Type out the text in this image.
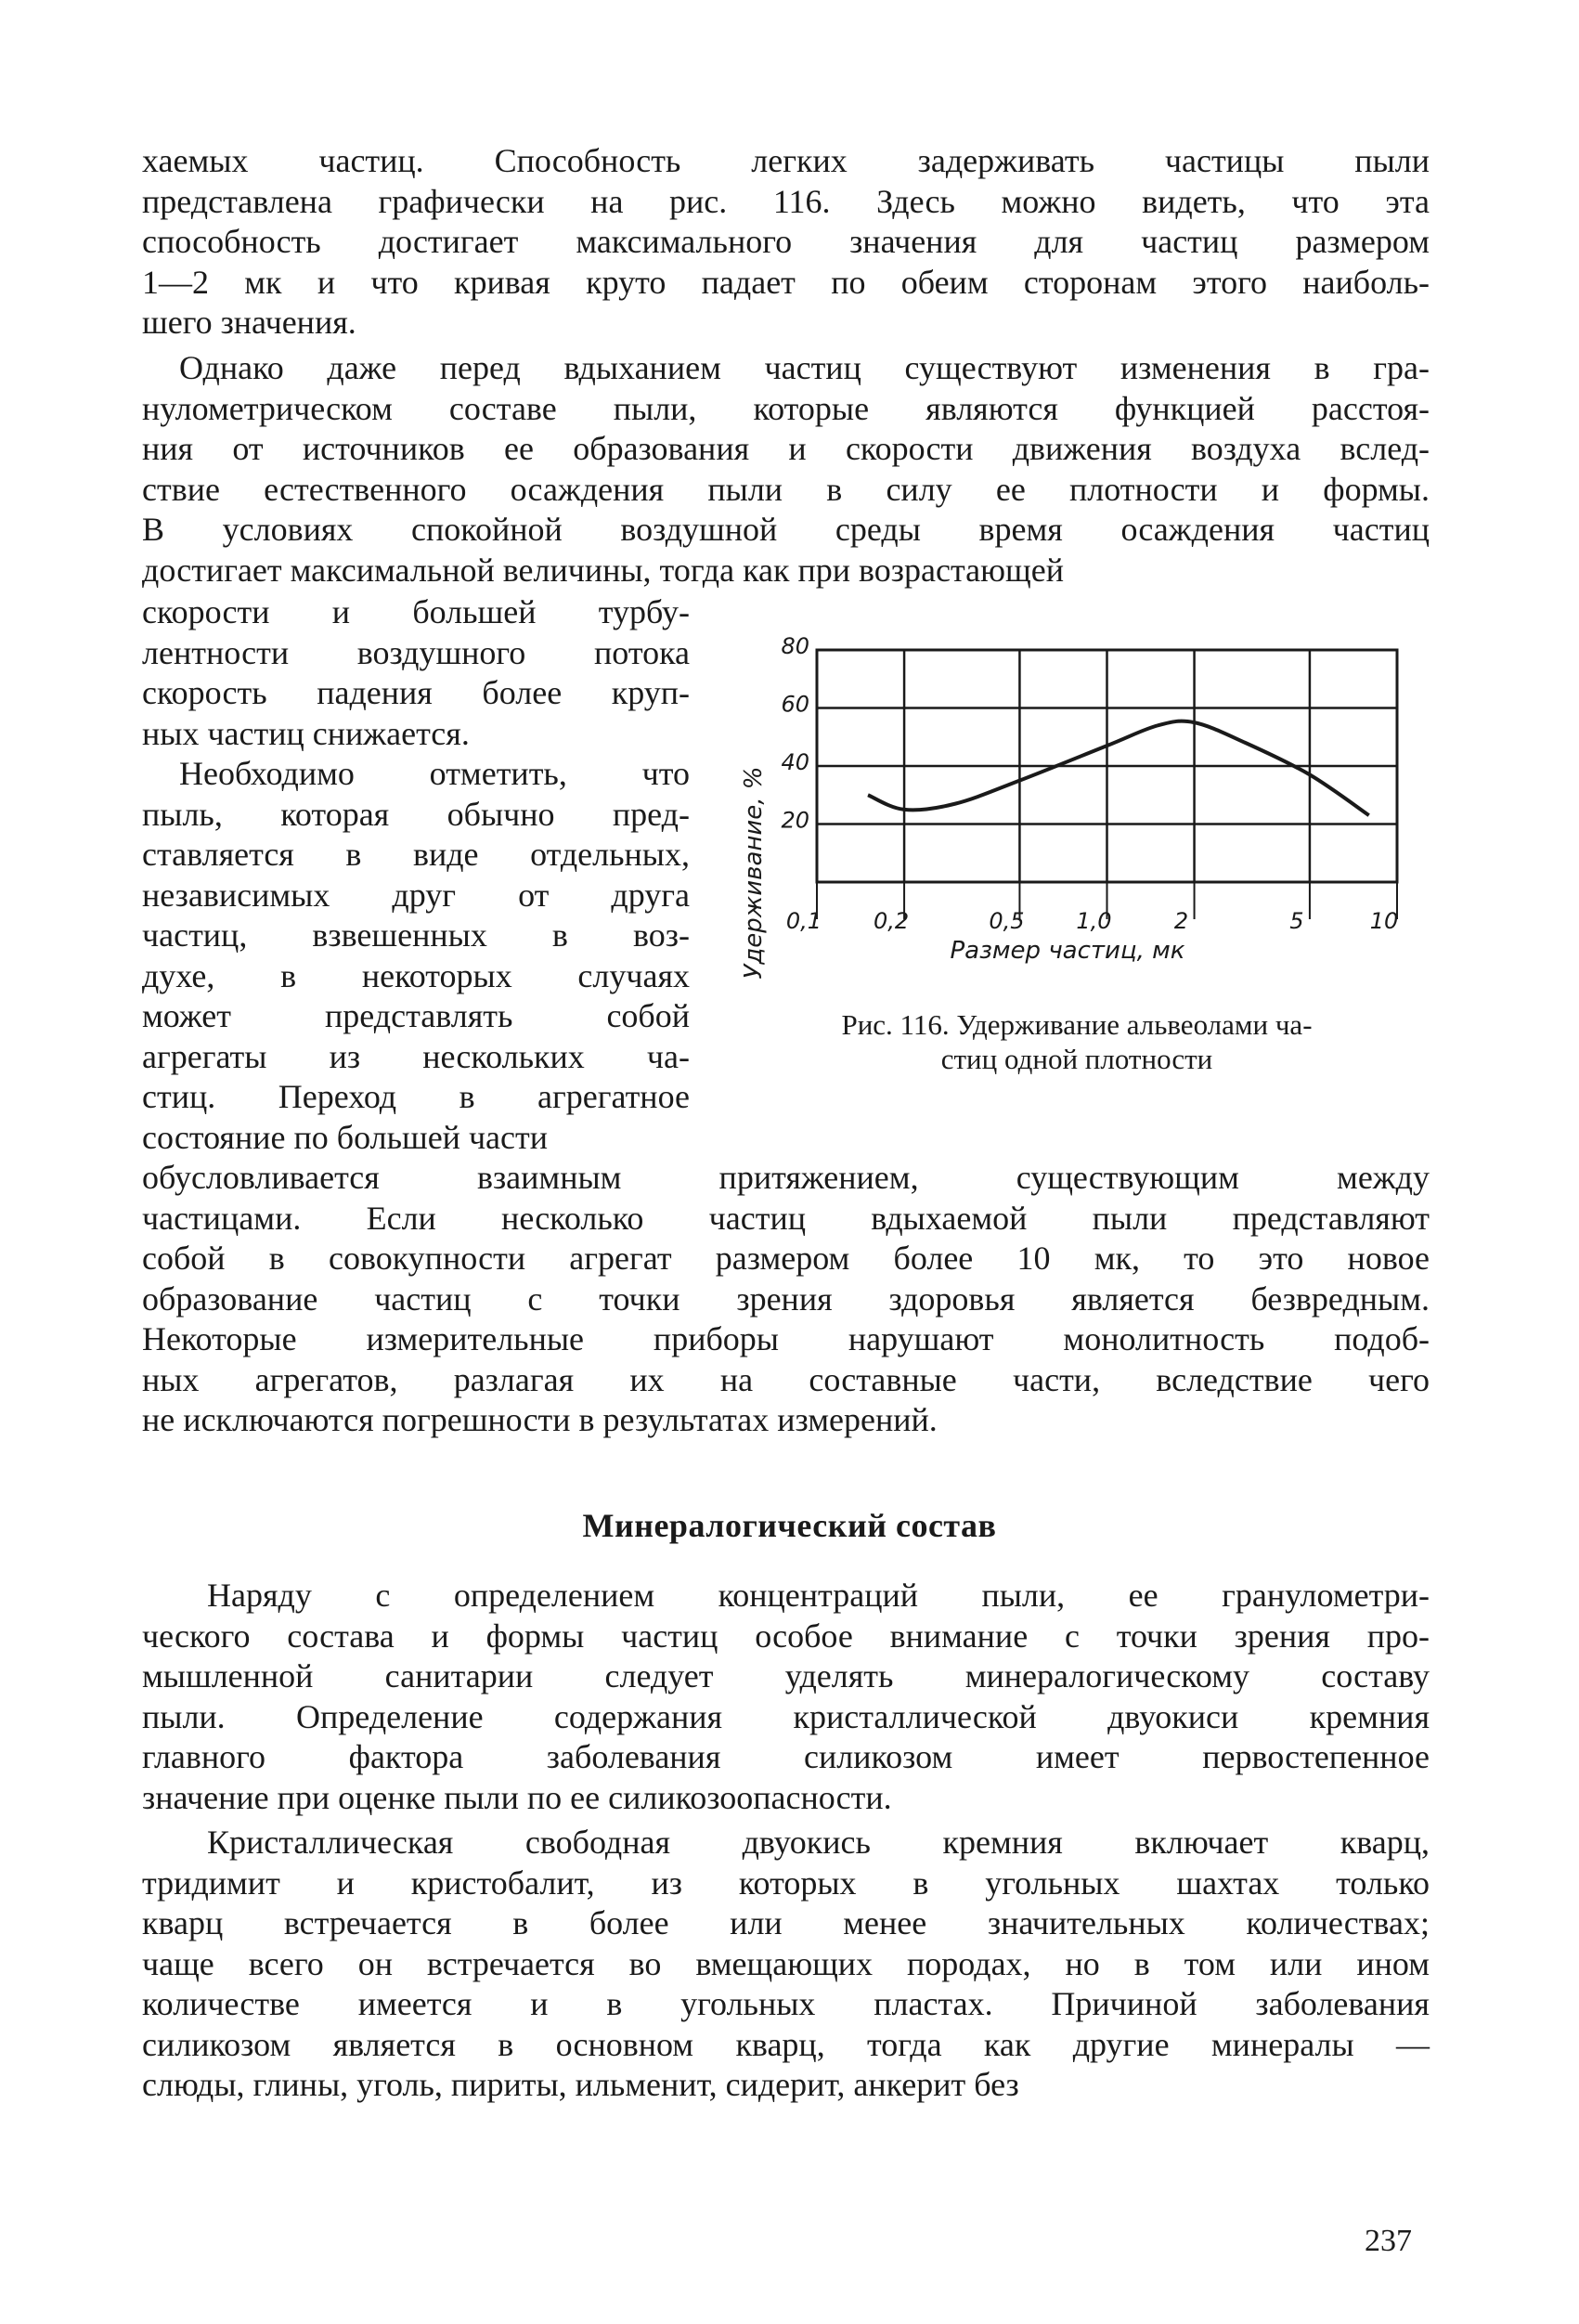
хаемых частиц. Способность легких задерживать частицы пыли
представлена графически на рис. 116. Здесь можно видеть, что эта
способность достигает максимального значения для частиц размером
1—2 мк и что кривая круто падает по обеим сторонам этого наиболь-
шего значения.

Однако даже перед вдыханием частиц существуют изменения в гра-
нулометрическом составе пыли, которые являются функцией расстоя-
ния от источников ее образования и скорости движения воздуха вслед-
ствие естественного осаждения пыли в силу ее плотности и формы.
В условиях спокойной воздушной среды время осаждения частиц
достигает максимальной величины, тогда как при возрастающей

скорости и большей турбу-
лентности воздушного потока
скорость падения более круп-
ных частиц снижается.

Необходимо отметить, что
пыль, которая обычно пред-
ставляется в виде отдельных,
независимых друг от друга
частиц, взвешенных в воз-
духе, в некоторых случаях
может представлять собой
агрегаты из нескольких ча-
стиц. Переход в агрегатное
состояние по большей части

обусловливается взаимным притяжением, существующим между
частицами. Если несколько частиц вдыхаемой пыли представляют
собой в совокупности агрегат размером более 10 мк, то это новое
образование частиц с точки зрения здоровья является безвредным.
Некоторые измерительные приборы нарушают монолитность подоб-
ных агрегатов, разлагая их на составные части, вследствие чего
не исключаются погрешности в результатах измерений.

Минералогический состав

Наряду с определением концентраций пыли, ее гранулометри-
ческого состава и формы частиц особое внимание с точки зрения про-
мышленной санитарии следует уделять минералогическому составу
пыли. Определение содержания кристаллической двуокиси кремния
главного фактора заболевания силикозом имеет первостепенное
значение при оценке пыли по ее силикозоопасности.

Кристаллическая свободная двуокись кремния включает кварц,
тридимит и кристобалит, из которых в угольных шахтах только
кварц встречается в более или менее значительных количествах;
чаще всего он встречается во вмещающих породах, но в том или ином
количестве имеется и в угольных пластах. Причиной заболевания
силикозом является в основном кварц, тогда как другие минералы —
слюды, глины, уголь, пириты, ильменит, сидерит, анкерит без

20
40
60
80
0,1 0,2	0,5 1,0	2	5	10
Удерживание, %	Размер частиц, мк
Рис. 116. Удерживание альвеолами ча-
стиц одной плотности
237
